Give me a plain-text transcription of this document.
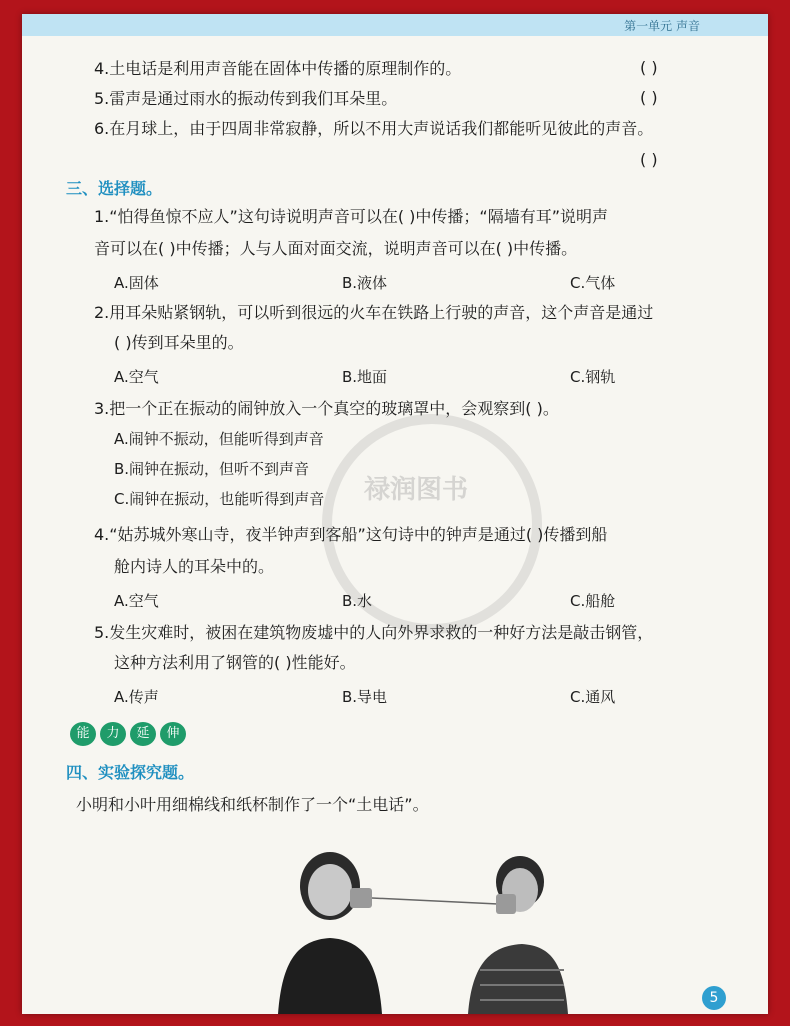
第一单元 声音
禄润图书
4.土电话是利用声音能在固体中传播的原理制作的。	( )
5.雷声是通过雨水的振动传到我们耳朵里。	( )
6.在月球上，由于四周非常寂静，所以不用大声说话我们都能听见彼此的声音。
( )
三、选择题。
1.“怕得鱼惊不应人”这句诗说明声音可以在( )中传播；“隔墙有耳”说明声
音可以在( )中传播；人与人面对面交流，说明声音可以在( )中传播。
A.固体	B.液体	C.气体
2.用耳朵贴紧钢轨，可以听到很远的火车在铁路上行驶的声音，这个声音是通过
( )传到耳朵里的。
A.空气	B.地面	C.钢轨
3.把一个正在振动的闹钟放入一个真空的玻璃罩中，会观察到( )。
A.闹钟不振动，但能听得到声音
B.闹钟在振动，但听不到声音
C.闹钟在振动，也能听得到声音
4.“姑苏城外寒山寺，夜半钟声到客船”这句诗中的钟声是通过( )传播到船
舱内诗人的耳朵中的。
A.空气	B.水	C.船舱
5.发生灾难时，被困在建筑物废墟中的人向外界求救的一种好方法是敲击钢管，
这种方法利用了钢管的( )性能好。
A.传声	B.导电	C.通风
能	力	延	伸
四、实验探究题。
小明和小叶用细棉线和纸杯制作了一个“土电话”。
5
